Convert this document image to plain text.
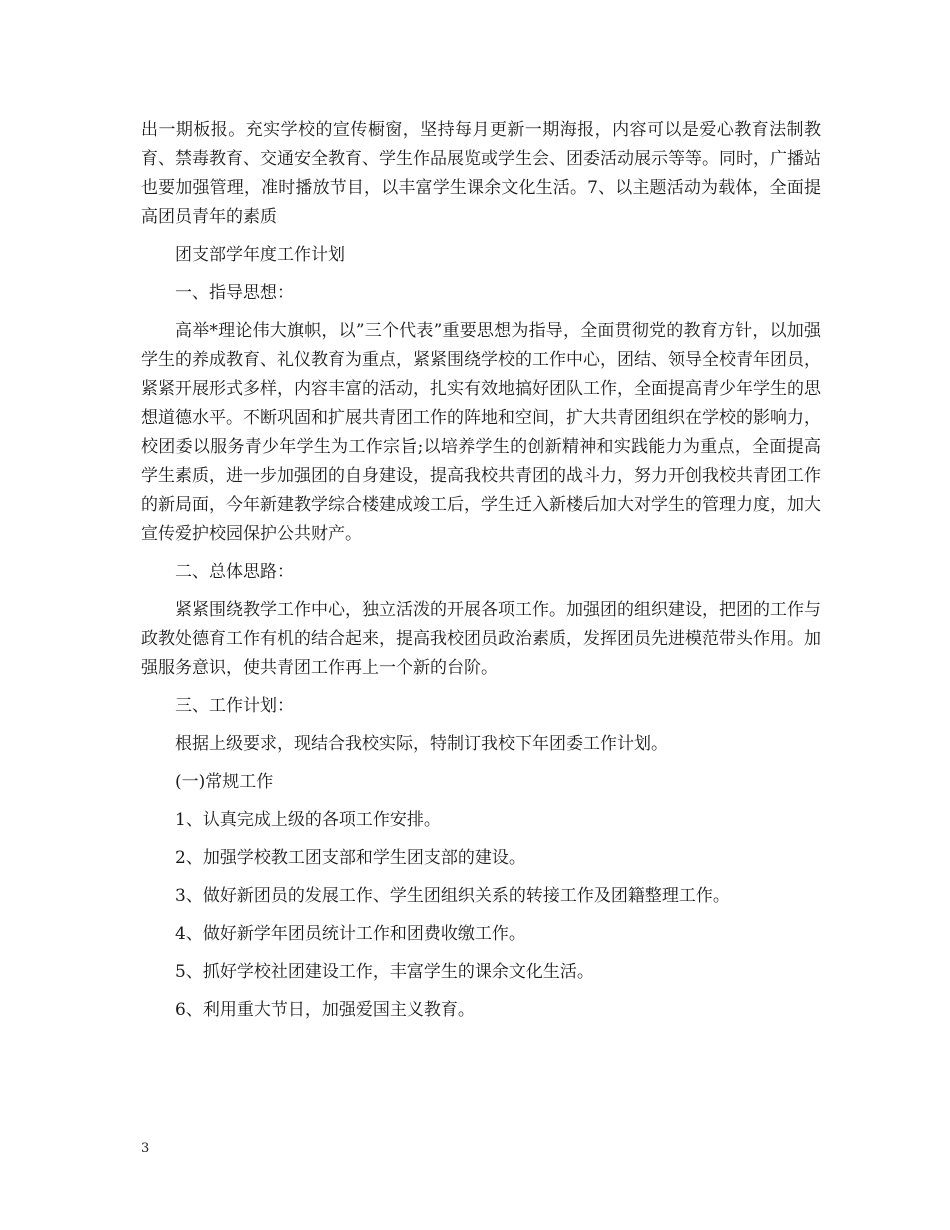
出一期板报。充实学校的宣传橱窗，坚持每月更新一期海报，内容可以是爱心教育法制教育、禁毒教育、交通安全教育、学生作品展览或学生会、团委活动展示等等。同时，广播站也要加强管理，准时播放节目，以丰富学生课余文化生活。7、以主题活动为载体，全面提高团员青年的素质

团支部学年度工作计划

一、指导思想：

高举*理论伟大旗帜，以”三个代表”重要思想为指导，全面贯彻党的教育方针，以加强学生的养成教育、礼仪教育为重点，紧紧围绕学校的工作中心，团结、领导全校青年团员，紧紧开展形式多样，内容丰富的活动，扎实有效地搞好团队工作，全面提高青少年学生的思想道德水平。不断巩固和扩展共青团工作的阵地和空间，扩大共青团组织在学校的影响力，校团委以服务青少年学生为工作宗旨;以培养学生的创新精神和实践能力为重点，全面提高学生素质，进一步加强团的自身建设，提高我校共青团的战斗力，努力开创我校共青团工作的新局面，今年新建教学综合楼建成竣工后，学生迁入新楼后加大对学生的管理力度，加大宣传爱护校园保护公共财产。

二、总体思路：

紧紧围绕教学工作中心，独立活泼的开展各项工作。加强团的组织建设，把团的工作与政教处德育工作有机的结合起来，提高我校团员政治素质，发挥团员先进模范带头作用。加强服务意识，使共青团工作再上一个新的台阶。

三、工作计划：

根据上级要求，现结合我校实际，特制订我校下年团委工作计划。

(一)常规工作

1、认真完成上级的各项工作安排。

2、加强学校教工团支部和学生团支部的建设。

3、做好新团员的发展工作、学生团组织关系的转接工作及团籍整理工作。

4、做好新学年团员统计工作和团费收缴工作。

5、抓好学校社团建设工作，丰富学生的课余文化生活。

6、利用重大节日，加强爱国主义教育。

3
